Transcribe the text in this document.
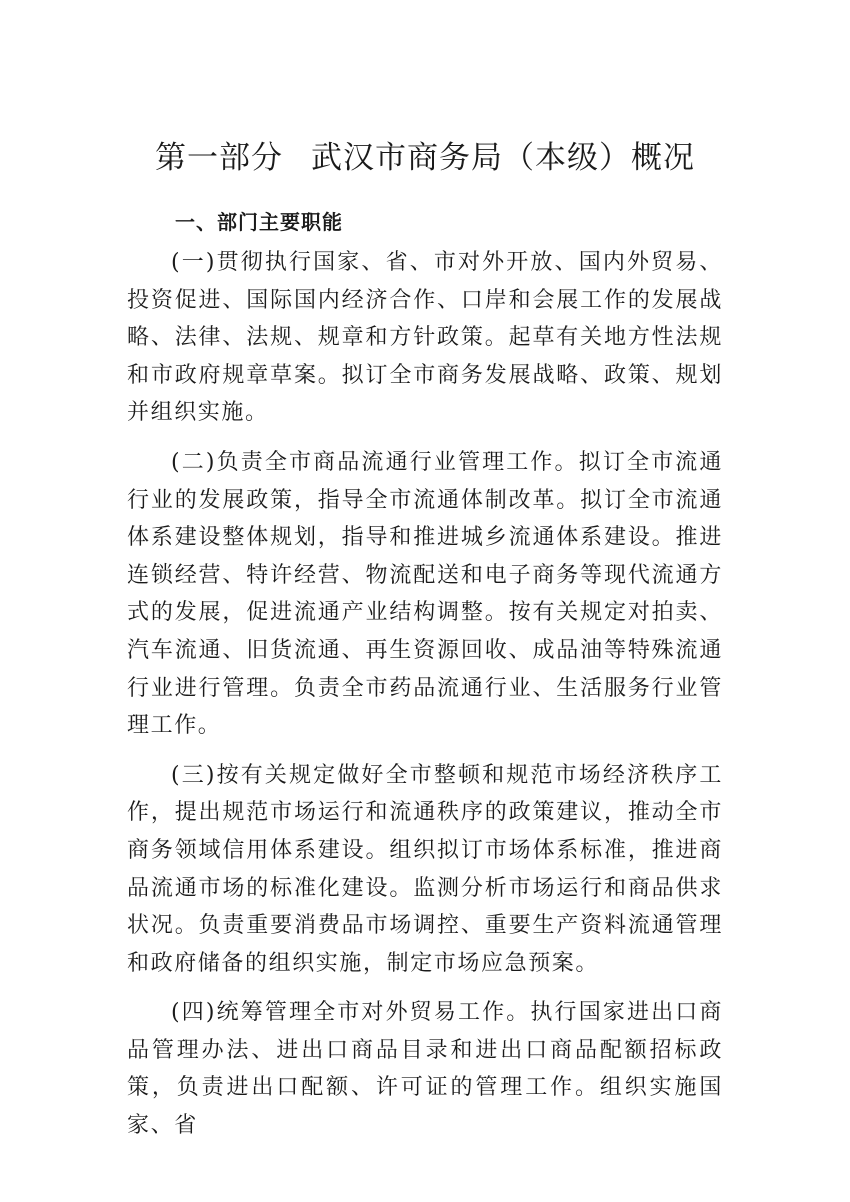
第一部分 武汉市商务局（本级）概况
一、部门主要职能

(一)贯彻执行国家、省、市对外开放、国内外贸易、投资促进、国际国内经济合作、口岸和会展工作的发展战略、法律、法规、规章和方针政策。起草有关地方性法规和市政府规章草案。拟订全市商务发展战略、政策、规划并组织实施。

(二)负责全市商品流通行业管理工作。拟订全市流通行业的发展政策，指导全市流通体制改革。拟订全市流通体系建设整体规划，指导和推进城乡流通体系建设。推进连锁经营、特许经营、物流配送和电子商务等现代流通方式的发展，促进流通产业结构调整。按有关规定对拍卖、汽车流通、旧货流通、再生资源回收、成品油等特殊流通行业进行管理。负责全市药品流通行业、生活服务行业管理工作。

(三)按有关规定做好全市整顿和规范市场经济秩序工作，提出规范市场运行和流通秩序的政策建议，推动全市商务领域信用体系建设。组织拟订市场体系标准，推进商品流通市场的标准化建设。监测分析市场运行和商品供求状况。负责重要消费品市场调控、重要生产资料流通管理和政府储备的组织实施，制定市场应急预案。

(四)统筹管理全市对外贸易工作。执行国家进出口商品管理办法、进出口商品目录和进出口商品配额招标政策，负责进出口配额、许可证的管理工作。组织实施国家、省
